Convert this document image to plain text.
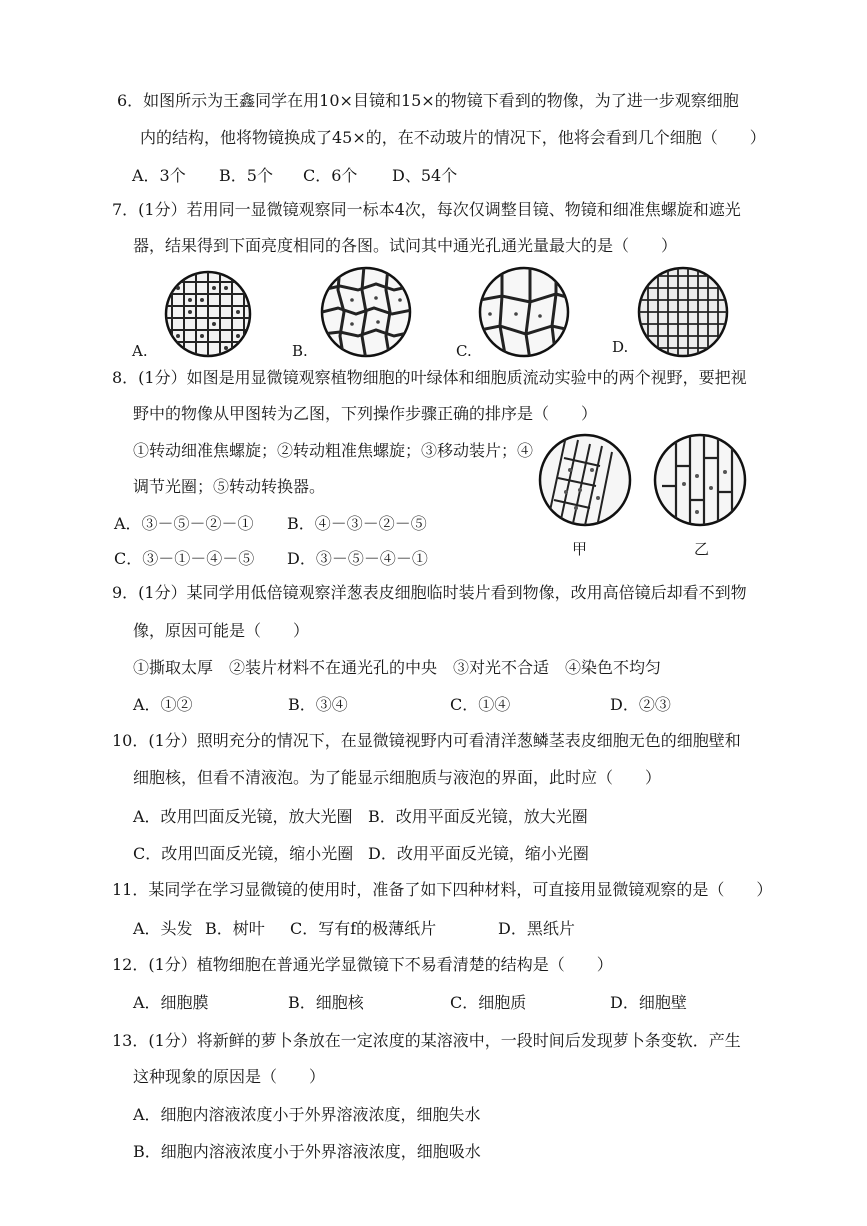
6．如图所示为王鑫同学在用10×目镜和15×的物镜下看到的物像，为了进一步观察细胞
内的结构，他将物镜换成了45×的，在不动玻片的情况下，他将会看到几个细胞（　　）
A．3个 B．5个 C．6个 D、54个
7．(1分）若用同一显微镜观察同一标本4次，每次仅调整目镜、物镜和细准焦螺旋和遮光
器，结果得到下面亮度相同的各图。试问其中通光孔通光量最大的是（　　）
A.	B.	C.	D.
8．(1分）如图是用显微镜观察植物细胞的叶绿体和细胞质流动实验中的两个视野，要把视
野中的物像从甲图转为乙图，下列操作步骤正确的排序是（　　）
①转动细准焦螺旋；②转动粗准焦螺旋；③移动装片；④
调节光圈；⑤转动转换器。
A．③－⑤－②－① B．④－③－②－⑤
C．③－①－④－⑤ D．③－⑤－④－①	甲	乙
9．(1分）某同学用低倍镜观察洋葱表皮细胞临时装片看到物像，改用高倍镜后却看不到物
像，原因可能是（　　）
①撕取太厚　②装片材料不在通光孔的中央　③对光不合适　④染色不均匀
A．①②	B．③④	C．①④	D．②③
10．(1分）照明充分的情况下，在显微镜视野内可看清洋葱鳞茎表皮细胞无色的细胞壁和
细胞核，但看不清液泡。为了能显示细胞质与液泡的界面，此时应（　　）
A．改用凹面反光镜，放大光圈 B．改用平面反光镜，放大光圈
C．改用凹面反光镜，缩小光圈 D．改用平面反光镜，缩小光圈
11．某同学在学习显微镜的使用时，准备了如下四种材料，可直接用显微镜观察的是（　　）
A．头发 B．树叶 C．写有f的极薄纸片	D．黑纸片
12．(1分）植物细胞在普通光学显微镜下不易看清楚的结构是（　　）
A．细胞膜	B．细胞核	C．细胞质	D．细胞壁
13．(1分）将新鲜的萝卜条放在一定浓度的某溶液中，一段时间后发现萝卜条变软．产生
这种现象的原因是（　　）
A．细胞内溶液浓度小于外界溶液浓度，细胞失水
B．细胞内溶液浓度小于外界溶液浓度，细胞吸水
